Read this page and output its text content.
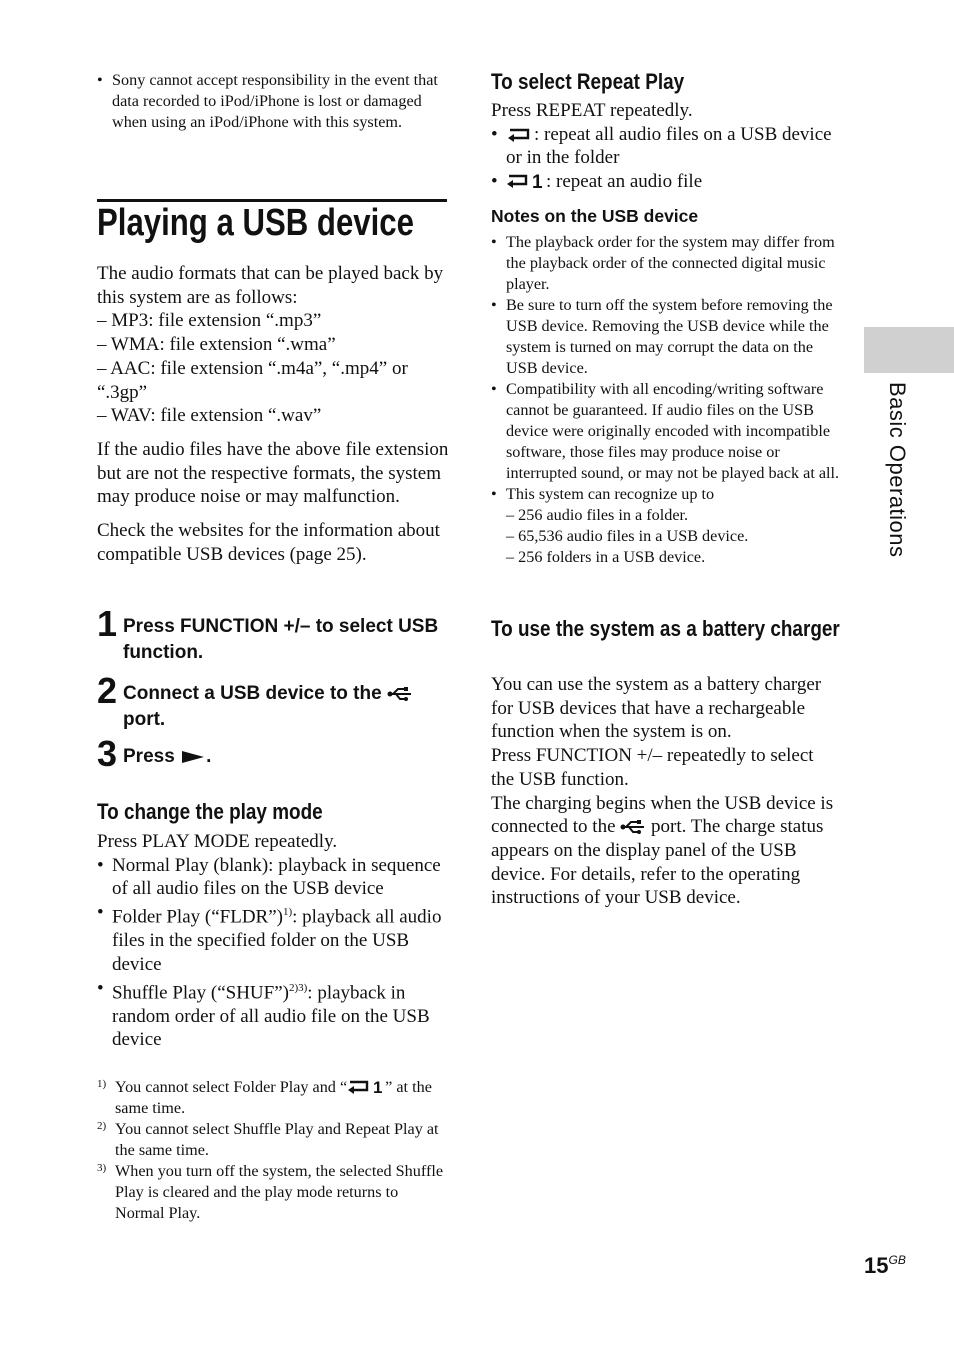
• Sony cannot accept responsibility in the event that data recorded to iPod/iPhone is lost or damaged when using an iPod/iPhone with this system.
Playing a USB device
The audio formats that can be played back by this system are as follows:
– MP3: file extension “.mp3”
– WMA: file extension “.wma”
– AAC: file extension “.m4a”, “.mp4” or “.3gp”
– WAV: file extension “.wav”
If the audio files have the above file extension but are not the respective formats, the system may produce noise or may malfunction.
Check the websites for the information about compatible USB devices (page 25).
1 Press FUNCTION +/– to select USB function.
2 Connect a USB device to the
port.
3 Press .
To change the play mode
Press PLAY MODE repeatedly.
• Normal Play (blank): playback in sequence of all audio files on the USB device
• Folder Play (“FLDR”)$^{1)}$: playback all audio files in the specified folder on the USB device
• Shuffle Play (“SHUF”)$^{2)3)}$: playback in random order of all audio file on the USB device
1) You cannot select Folder Play and “ 1 ” at the same time.
2) You cannot select Shuffle Play and Repeat Play at the same time.
3) When you turn off the system, the selected Shuffle Play is cleared and the play mode returns to Normal Play.
To select Repeat Play
Press REPEAT repeatedly.
•	: repeat all audio files on a USB device or in the folder
•	1 : repeat an audio file
Notes on the USB device
• The playback order for the system may differ from the playback order of the connected digital music player.
• Be sure to turn off the system before removing the USB device. Removing the USB device while the system is turned on may corrupt the data on the USB device.
• Compatibility with all encoding/writing software cannot be guaranteed. If audio files on the USB device were originally encoded with incompatible software, those files may produce noise or interrupted sound, or may not be played back at all.
• This system can recognize up to
– 256 audio files in a folder.
– 65,536 audio files in a USB device.
– 256 folders in a USB device.
To use the system as a battery charger
You can use the system as a battery charger for USB devices that have a rechargeable function when the system is on.
Press FUNCTION +/– repeatedly to select the USB function.
The charging begins when the USB device is connected to the port. The charge status appears on the display panel of the USB device. For details, refer to the operating instructions of your USB device.
Basic Operations
$15^{GB}$
